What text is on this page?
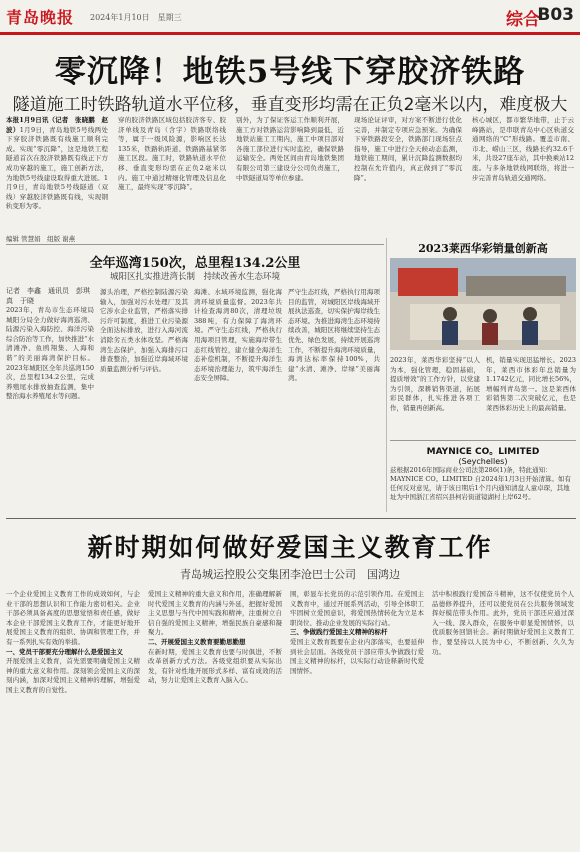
青岛晚报 2024年1月10日　星期三	综合
B03
零沉降！地铁5号线下穿胶济铁路
隧道施工时铁路轨道水平位移，垂直变形均需在正负2毫米以内，难度极大
本报1月9日讯（记者　张晓鹏　赵波）1月9日，青岛地铁5号线两处下穿胶济铁路既有线施工顺利完成。实现“零沉降”，这是地铁工程隧道首次在胶济铁路既有线正下方成功穿越的施工，施工创新方法，为地铁5号线建设取得重大进展。1月9日，青岛地铁5号线隧道（双线）穿越胶济铁路既有线，实现钢轨变形为零。
穿的胶济铁路区域包括胶济客专、胶济单线及青岛（含宇）铁路联络线等，属于一级风险源，影响区长达135米，铁路轨距道、铁路路基紧邻施工区段。施工时，铁路轨道水平位移、垂直变形均需在正负2毫米以内。施工中通过精细化管理及信息化施工，最终实现“零沉降”。
别外，为了保证客运工作顺利开展，施工方对铁路运营影响降到最低，近地铁站施工工期内，施工中项目部对各施工部位进行实时监控，确保铁路运输安全。两处区间由青岛地铁集团有限公司第三建设分公司负责施工，中铁隧道局等单位参建。
现场论证评审，对方案不断进行优化完善，并制定专项应急预案。为确保下穿铁路段安全，铁路部门现场驻点指导，施工中进行全天候动态监测，地铁施工期间，累计沉降监测数据均控制在允许值内，真正做到了“零沉降”。
核心城区，都市繁华地带，止于云峰路站，是串联青岛中心区轨道交通网络的“C”形线路。覆盖市南、市北、崂山三区，线路长约32.6千米，共设27座车站，其中换乘站12座。与多条地铁线网联络，将进一步完善青岛轨道交通网络。
编辑 管慧娟　组版 谢燕
全年巡湾150次，总里程134.2公里
城阳区扎实推进湾长制　持续改善水生态环境
记者　李鑫　通讯员　彭琪真　于晓
2023年，青岛市生态环境局城阳分局全力做好海湾巡湾、陆源污染入海防控、海洋污染综合防治等工作，加快推进“水清滩净、鱼鸥翔集、人海和谐”的美丽海湾保护目标。2023年城阳区全年共巡湾150次，总里程134.2公里，完成养殖尾水排放抽查监测，集中整治海水养殖尾水等问题。
源头治理，严格控制陆源污染输入，加强对污水处理厂及其它涉水企业监管，严格落实排污许可制度，推进工业污染源全面达标排放，进行入海河流消除劣五类水体攻坚。严格海湾生态保护，加强入海排污口排查整治，加强近岸海域环境质量监测分析与评估。
海滩、水域环境监测，强化海湾环境质量监督。2023年共计检查海湾80次，清理垃圾388吨，有力保障了海湾环境。严守生态红线，严格执行用海项目管理，实施海岸带生态红线管控，建立健全海洋生态补偿机制，不断提升海洋生态环境治理能力，筑牢海洋生态安全屏障。
严守生态红线，严格执行用海项目的监管，对城阳区岸线海域开展执法巡查，切实保护海岸线生态环境。为推进海湾生态环境持续改善，城阳区将继续坚持生态优先、绿色发展，持续开展巡湾工作，不断提升海湾环境质量，海湾达标率保持100%，共建“水清、滩净、岸绿”美丽海湾。
2023莱西华彩销量创新高
2023年，莱西华彩坚持“以人为本，强化管理，稳固基础，提质增效”的工作方针，以党建为引领，深耕销售渠道，拓展彩民群体，扎实推进各项工作，销量再创新高。
机，销量实现迅猛增长。2023年，莱西市体彩年总销量为1.1742亿元，同比增长56%，增幅列青岛第一。这是莱西体彩销售第二次突破亿元，也是莱西体彩历史上的最高销量。
MAYNICE CO。LIMITED
(Seychelles)
兹根据2016年国际商业公司法第286(1)条，特此通知：MAYNICE CO。LIMITED 自2024年1月3日开始清算。如有任何反对意见，请于该日期后1个月内通知清盘人童卓琛，其地址为中国浙江省绍兴县柯岩街道镜湖村上岸62号。
新时期如何做好爱国主义教育工作
青岛城运控股公交集团李沧巴士公司　国鸿边
一个企业爱国主义教育工作的成效如何，与企业干部的思想认识和工作能力密切相关。企业干部必须具备高度的思想觉悟和责任感，做好本企业干部爱国主义教育工作，才能更好地开展爱国主义教育的组织、协调和管理工作，并有一系列扎实有效的举措。
一、党员干部要充分理解什么是爱国主义
开展爱国主义教育，首先需要明确爱国主义精神的重大意义和作用。深刻领会爱国主义的深刻内涵，加深对爱国主义精神的理解，增强爱国主义教育的自觉性。
爱国主义精神的重大意义和作用，准确理解新时代爱国主义教育的内涵与外延，把握好爱国主义思想与当代中国实践和精神，注重树立自信自强的爱国主义精神，增强民族自豪感和凝聚力。
二、开展爱国主义教育要勤思勤想
在新时期，爱国主义教育也要与时俱进，不断改革创新方式方法。各级党组织要从实际出发，有针对性地开展形式多样、富有成效的活动，努力让爱国主义教育入脑入心。
围，彰显车长党员的示范引领作用。在爱国主义教育中，通过开展系列活动，引导全体职工牢固树立爱国意识，将爱国热情转化为立足本职岗位、推动企业发展的实际行动。
三、争做践行爱国主义精神的标杆
爱国主义教育既要在企业内部落实，也要延伸到社会层面。各级党员干部应带头争做践行爱国主义精神的标杆，以实际行动诠释新时代爱国情怀。
活中积极践行爱国奋斗精神，这不仅使党员个人品德修养提升，还可以使党员在公共服务领域发挥好模范带头作用。此外，党员干部还应通过深入一线、深入群众，在服务中彰显爱国情怀，以优质服务回馈社会。新时期做好爱国主义教育工作，要坚持以人民为中心，不断创新、久久为功。
